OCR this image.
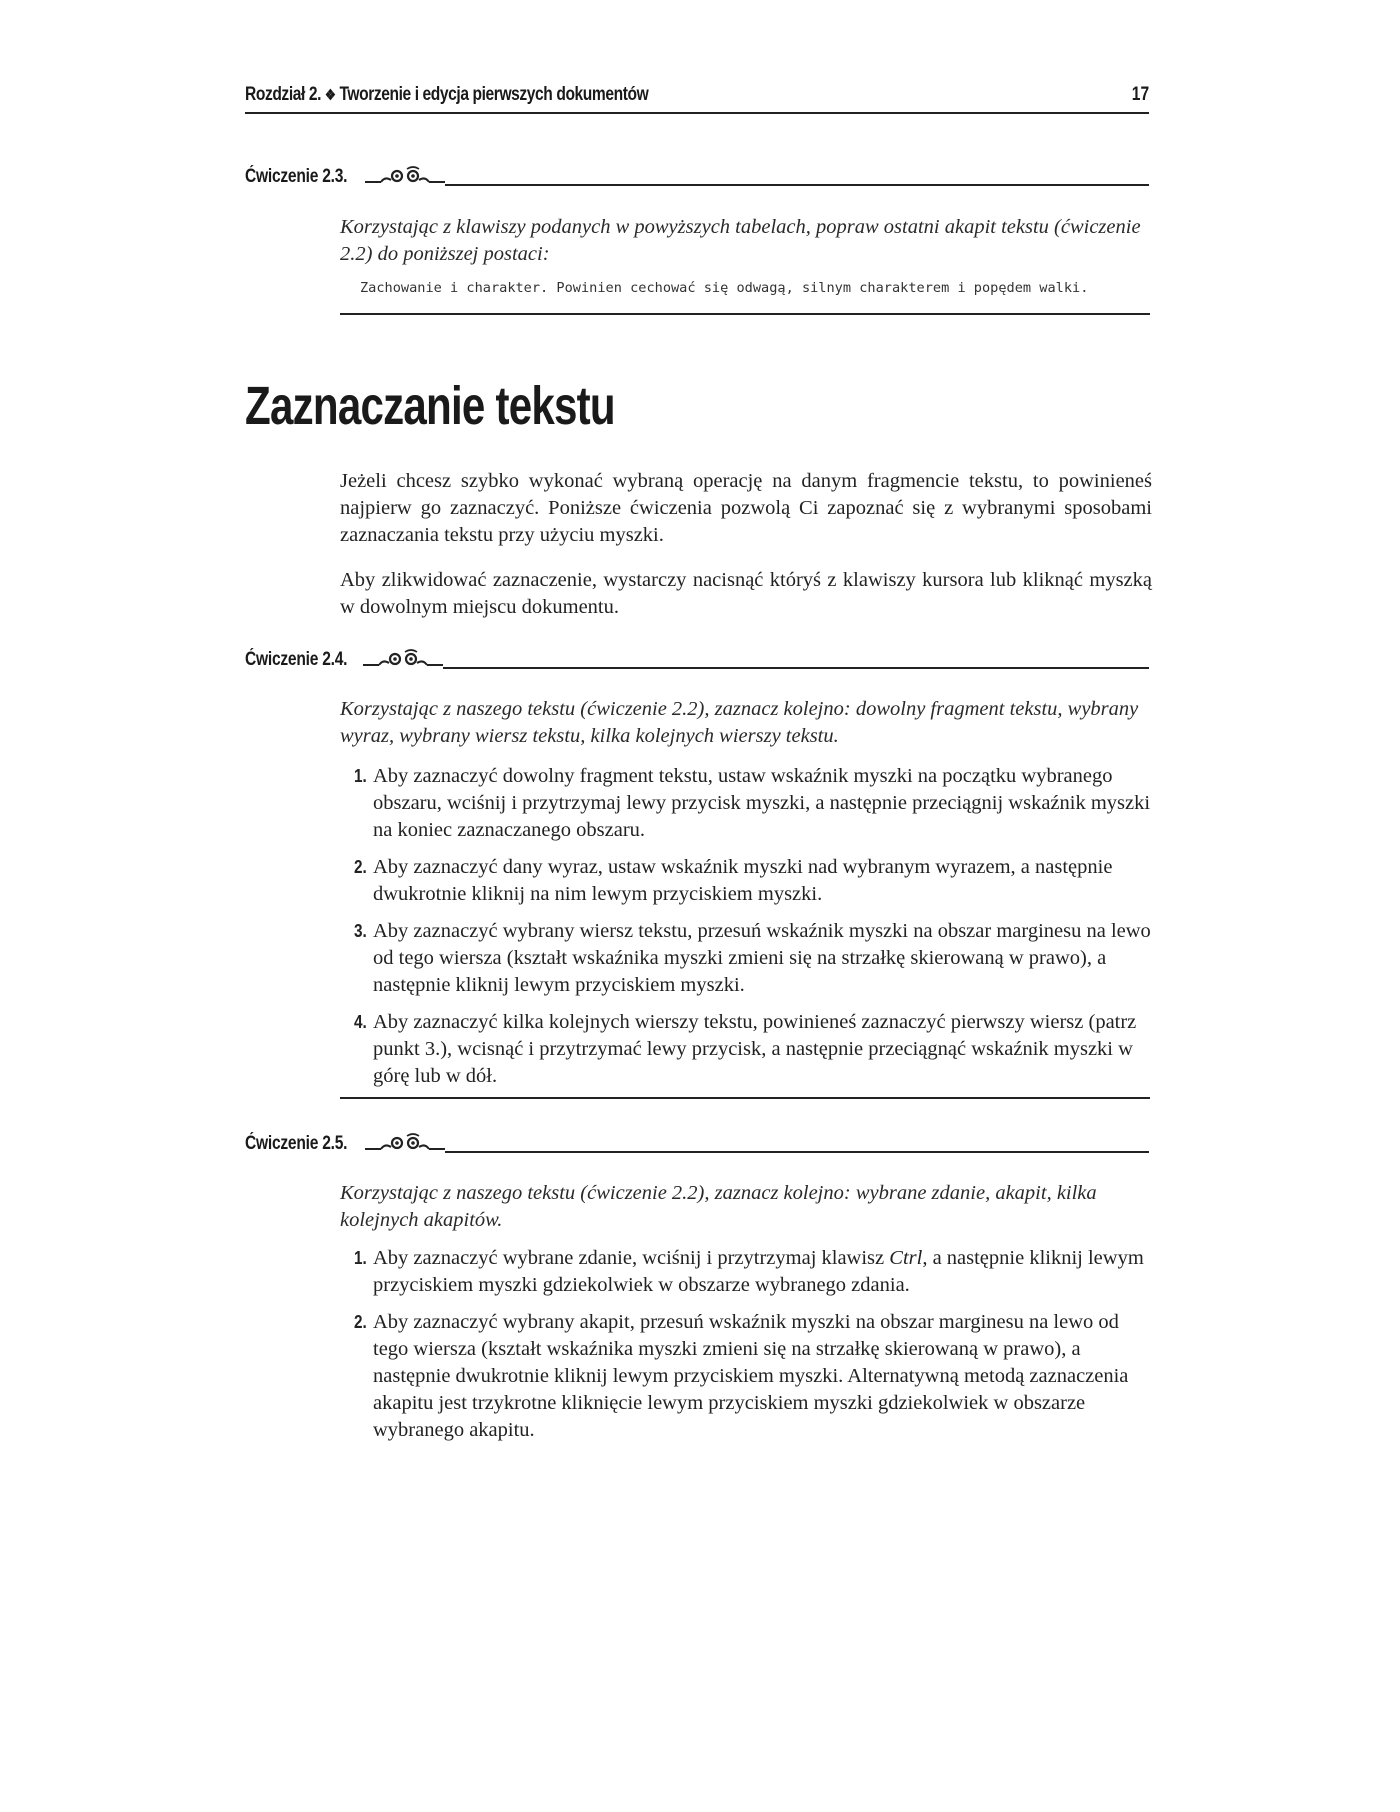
Rozdział 2. ❖ Tworzenie i edycja pierwszych dokumentów	17
Ćwiczenie 2.3.
Korzystając z klawiszy podanych w powyższych tabelach, popraw ostatni akapit tekstu (ćwiczenie 2.2) do poniższej postaci:
Zachowanie i charakter. Powinien cechować się odwagą, silnym charakterem i popędem walki.
Zaznaczanie tekstu
Jeżeli chcesz szybko wykonać wybraną operację na danym fragmencie tekstu, to powinieneś najpierw go zaznaczyć. Poniższe ćwiczenia pozwolą Ci zapoznać się z wybranymi sposobami zaznaczania tekstu przy użyciu myszki.
Aby zlikwidować zaznaczenie, wystarczy nacisnąć któryś z klawiszy kursora lub kliknąć myszką w dowolnym miejscu dokumentu.
Ćwiczenie 2.4.
Korzystając z naszego tekstu (ćwiczenie 2.2), zaznacz kolejno: dowolny fragment tekstu, wybrany wyraz, wybrany wiersz tekstu, kilka kolejnych wierszy tekstu.
1. Aby zaznaczyć dowolny fragment tekstu, ustaw wskaźnik myszki na początku wybranego obszaru, wciśnij i przytrzymaj lewy przycisk myszki, a następnie przeciągnij wskaźnik myszki na koniec zaznaczanego obszaru.
2. Aby zaznaczyć dany wyraz, ustaw wskaźnik myszki nad wybranym wyrazem, a następnie dwukrotnie kliknij na nim lewym przyciskiem myszki.
3. Aby zaznaczyć wybrany wiersz tekstu, przesuń wskaźnik myszki na obszar marginesu na lewo od tego wiersza (kształt wskaźnika myszki zmieni się na strzałkę skierowaną w prawo), a następnie kliknij lewym przyciskiem myszki.
4. Aby zaznaczyć kilka kolejnych wierszy tekstu, powinieneś zaznaczyć pierwszy wiersz (patrz punkt 3.), wcisnąć i przytrzymać lewy przycisk, a następnie przeciągnąć wskaźnik myszki w górę lub w dół.
Ćwiczenie 2.5.
Korzystając z naszego tekstu (ćwiczenie 2.2), zaznacz kolejno: wybrane zdanie, akapit, kilka kolejnych akapitów.
1. Aby zaznaczyć wybrane zdanie, wciśnij i przytrzymaj klawisz Ctrl, a następnie kliknij lewym przyciskiem myszki gdziekolwiek w obszarze wybranego zdania.
2. Aby zaznaczyć wybrany akapit, przesuń wskaźnik myszki na obszar marginesu na lewo od tego wiersza (kształt wskaźnika myszki zmieni się na strzałkę skierowaną w prawo), a następnie dwukrotnie kliknij lewym przyciskiem myszki. Alternatywną metodą zaznaczenia akapitu jest trzykrotne kliknięcie lewym przyciskiem myszki gdziekolwiek w obszarze wybranego akapitu.
